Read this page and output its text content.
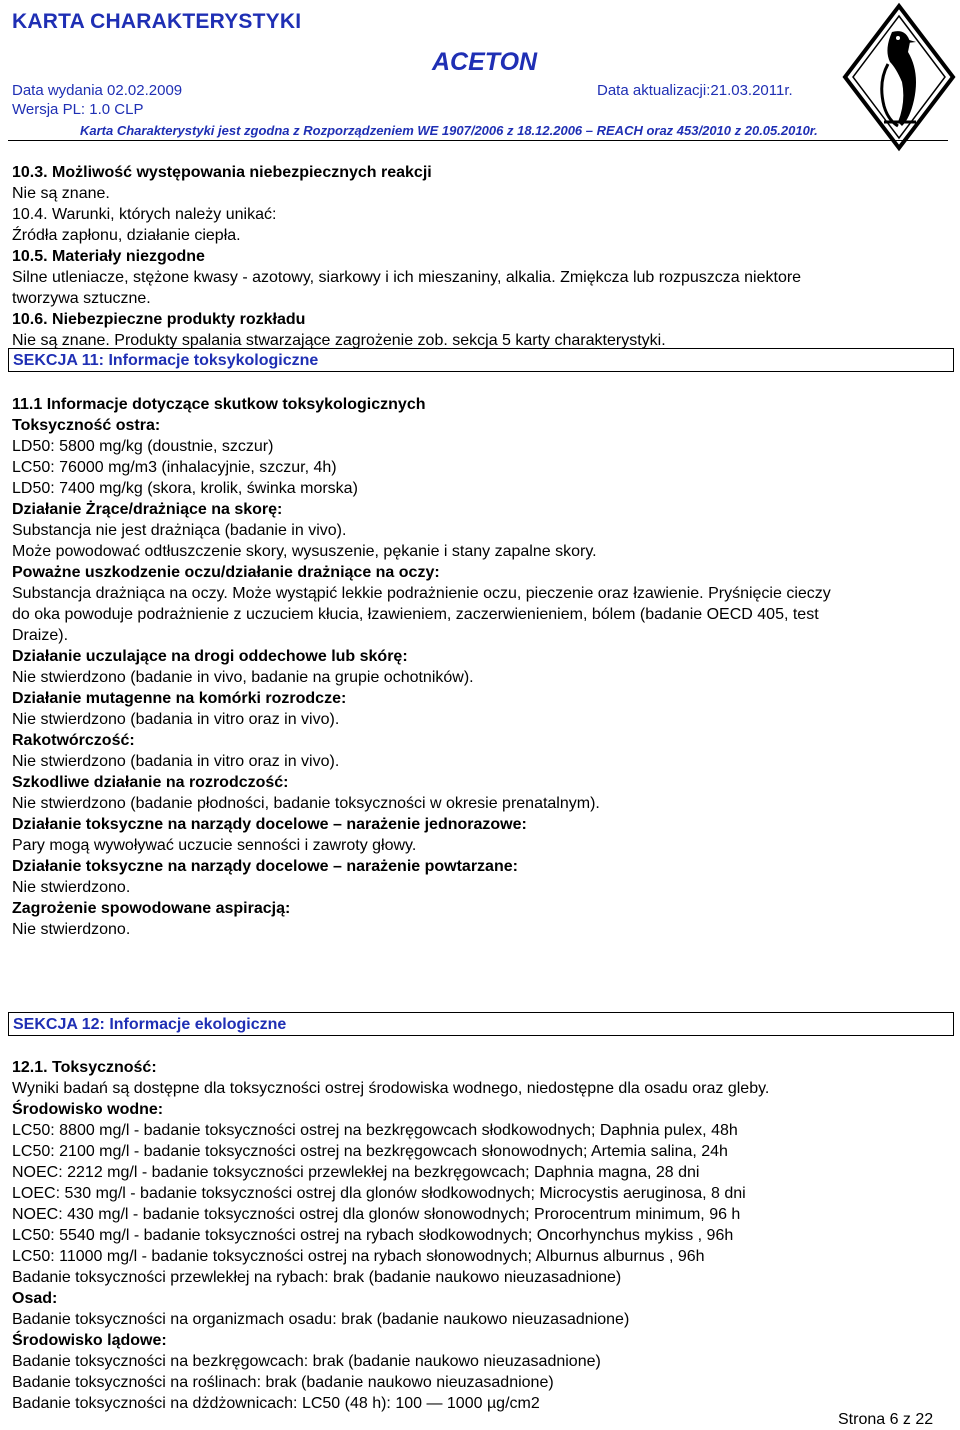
KARTA CHARAKTERYSTYKI
ACETON
Data wydania 02.02.2009	Data aktualizacji:21.03.2011r.
Wersja PL: 1.0 CLP
Karta Charakterystyki jest zgodna z Rozporządzeniem WE 1907/2006 z 18.12.2006 – REACH oraz 453/2010 z 20.05.2010r.

10.3. Możliwość występowania niebezpiecznych reakcji

Nie są znane.

10.4. Warunki, których należy unikać:

Źródła zapłonu, działanie ciepła.

10.5. Materiały niezgodne

Silne utleniacze, stężone kwasy - azotowy, siarkowy i ich mieszaniny, alkalia. Zmiękcza lub rozpuszcza niektore

tworzywa sztuczne.

10.6. Niebezpieczne produkty rozkładu

Nie są znane. Produkty spalania stwarzające zagrożenie zob. sekcja 5 karty charakterystyki.

SEKCJA 11: Informacje toksykologiczne

11.1 Informacje dotyczące skutkow toksykologicznych

Toksyczność ostra:

LD50: 5800 mg/kg (doustnie, szczur)

LC50: 76000 mg/m3 (inhalacyjnie, szczur, 4h)

LD50: 7400 mg/kg (skora, krolik, świnka morska)

Działanie Żrące/drażniące na skorę:

Substancja nie jest drażniąca (badanie in vivo).

Może powodować odtłuszczenie skory, wysuszenie, pękanie i stany zapalne skory.

Poważne uszkodzenie oczu/działanie drażniące na oczy:

Substancja drażniąca na oczy. Może wystąpić lekkie podrażnienie oczu, pieczenie oraz łzawienie. Pryśnięcie cieczy

do oka powoduje podrażnienie z uczuciem kłucia, łzawieniem, zaczerwienieniem, bólem (badanie OECD 405, test

Draize).

Działanie uczulające na drogi oddechowe lub skórę:

Nie stwierdzono (badanie in vivo, badanie na grupie ochotników).

Działanie mutagenne na komórki rozrodcze:

Nie stwierdzono (badania in vitro oraz in vivo).

Rakotwórczość:

Nie stwierdzono (badania in vitro oraz in vivo).

Szkodliwe działanie na rozrodczość:

Nie stwierdzono (badanie płodności, badanie toksyczności w okresie prenatalnym).

Działanie toksyczne na narządy docelowe – narażenie jednorazowe:

Pary mogą wywoływać uczucie senności i zawroty głowy.

Działanie toksyczne na narządy docelowe – narażenie powtarzane:

Nie stwierdzono.

Zagrożenie spowodowane aspiracją:

Nie stwierdzono.

SEKCJA 12: Informacje ekologiczne

12.1. Toksyczność:

Wyniki badań są dostępne dla toksyczności ostrej środowiska wodnego, niedostępne dla osadu oraz gleby.

Środowisko wodne:

LC50: 8800 mg/l - badanie toksyczności ostrej na bezkręgowcach słodkowodnych; Daphnia pulex, 48h

LC50: 2100 mg/l - badanie toksyczności ostrej na bezkręgowcach słonowodnych; Artemia salina, 24h

NOEC: 2212 mg/l - badanie toksyczności przewlekłej na bezkręgowcach; Daphnia magna, 28 dni

LOEC: 530 mg/l - badanie toksyczności ostrej dla glonów słodkowodnych; Microcystis aeruginosa, 8 dni

NOEC: 430 mg/l - badanie toksyczności ostrej dla glonów słonowodnych; Prorocentrum minimum, 96 h

LC50: 5540 mg/l - badanie toksyczności ostrej na rybach słodkowodnych; Oncorhynchus mykiss , 96h

LC50: 11000 mg/l - badanie toksyczności ostrej na rybach słonowodnych; Alburnus alburnus , 96h

Badanie toksyczności przewlekłej na rybach: brak (badanie naukowo nieuzasadnione)

Osad:

Badanie toksyczności na organizmach osadu: brak (badanie naukowo nieuzasadnione)

Środowisko lądowe:

Badanie toksyczności na bezkręgowcach: brak (badanie naukowo nieuzasadnione)

Badanie toksyczności na roślinach: brak (badanie naukowo nieuzasadnione)

Badanie toksyczności na dżdżownicach: LC50 (48 h): 100 — 1000 µg/cm2

Strona 6 z 22
